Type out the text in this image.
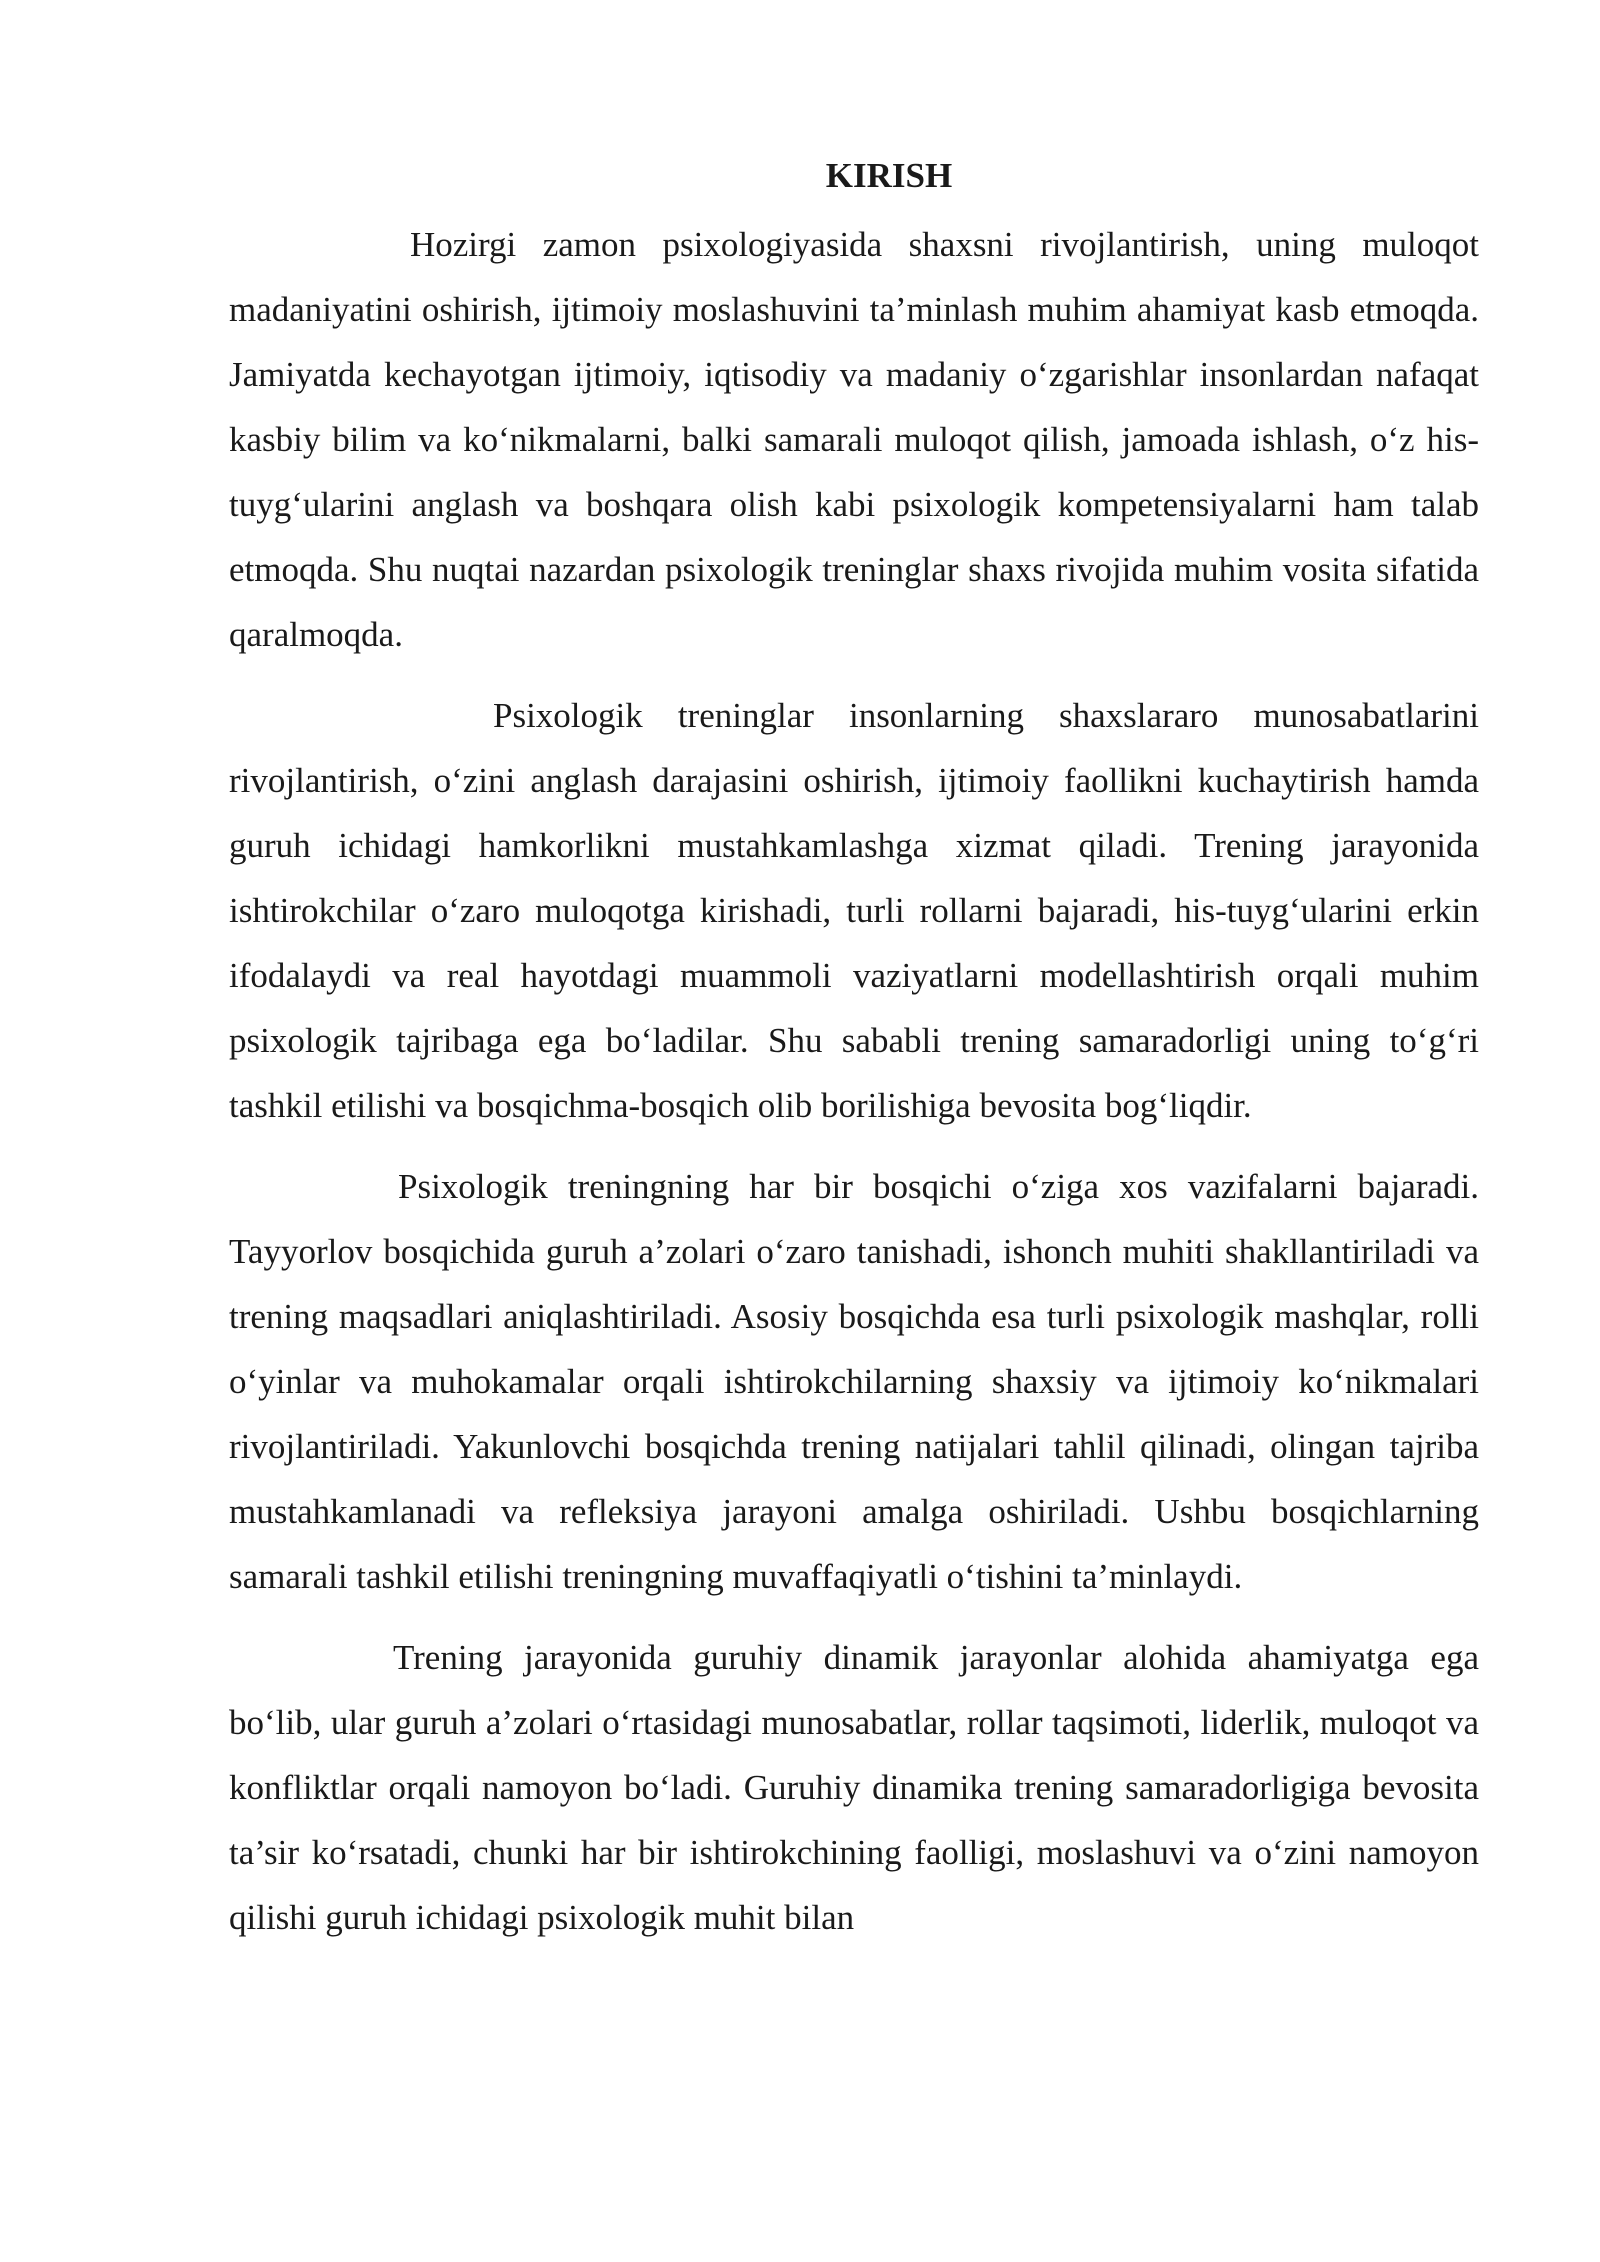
KIRISH

Hozirgi zamon psixologiyasida shaxsni rivojlantirish, uning muloqot madaniyatini oshirish, ijtimoiy moslashuvini ta’minlash muhim ahamiyat kasb etmoqda. Jamiyatda kechayotgan ijtimoiy, iqtisodiy va madaniy o‘zgarishlar insonlardan nafaqat kasbiy bilim va ko‘nikmalarni, balki samarali muloqot qilish, jamoada ishlash, o‘z his-tuyg‘ularini anglash va boshqara olish kabi psixologik kompetensiyalarni ham talab etmoqda. Shu nuqtai nazardan psixologik treninglar shaxs rivojida muhim vosita sifatida qaralmoqda.

Psixologik treninglar insonlarning shaxslararo munosabatlarini rivojlantirish, o‘zini anglash darajasini oshirish, ijtimoiy faollikni kuchaytirish hamda guruh ichidagi hamkorlikni mustahkamlashga xizmat qiladi. Trening jarayonida ishtirokchilar o‘zaro muloqotga kirishadi, turli rollarni bajaradi, his-tuyg‘ularini erkin ifodalaydi va real hayotdagi muammoli vaziyatlarni modellashtirish orqali muhim psixologik tajribaga ega bo‘ladilar. Shu sababli trening samaradorligi uning to‘g‘ri tashkil etilishi va bosqichma-bosqich olib borilishiga bevosita bog‘liqdir.

Psixologik treningning har bir bosqichi o‘ziga xos vazifalarni bajaradi. Tayyorlov bosqichida guruh a’zolari o‘zaro tanishadi, ishonch muhiti shakllantiriladi va trening maqsadlari aniqlashtiriladi. Asosiy bosqichda esa turli psixologik mashqlar, rolli o‘yinlar va muhokamalar orqali ishtirokchilarning shaxsiy va ijtimoiy ko‘nikmalari rivojlantiriladi. Yakunlovchi bosqichda trening natijalari tahlil qilinadi, olingan tajriba mustahkamlanadi va refleksiya jarayoni amalga oshiriladi. Ushbu bosqichlarning samarali tashkil etilishi treningning muvaffaqiyatli o‘tishini ta’minlaydi.

Trening jarayonida guruhiy dinamik jarayonlar alohida ahamiyatga ega bo‘lib, ular guruh a’zolari o‘rtasidagi munosabatlar, rollar taqsimoti, liderlik, muloqot va konfliktlar orqali namoyon bo‘ladi. Guruhiy dinamika trening samaradorligiga bevosita ta’sir ko‘rsatadi, chunki har bir ishtirokchining faolligi, moslashuvi va o‘zini namoyon qilishi guruh ichidagi psixologik muhit bilan
